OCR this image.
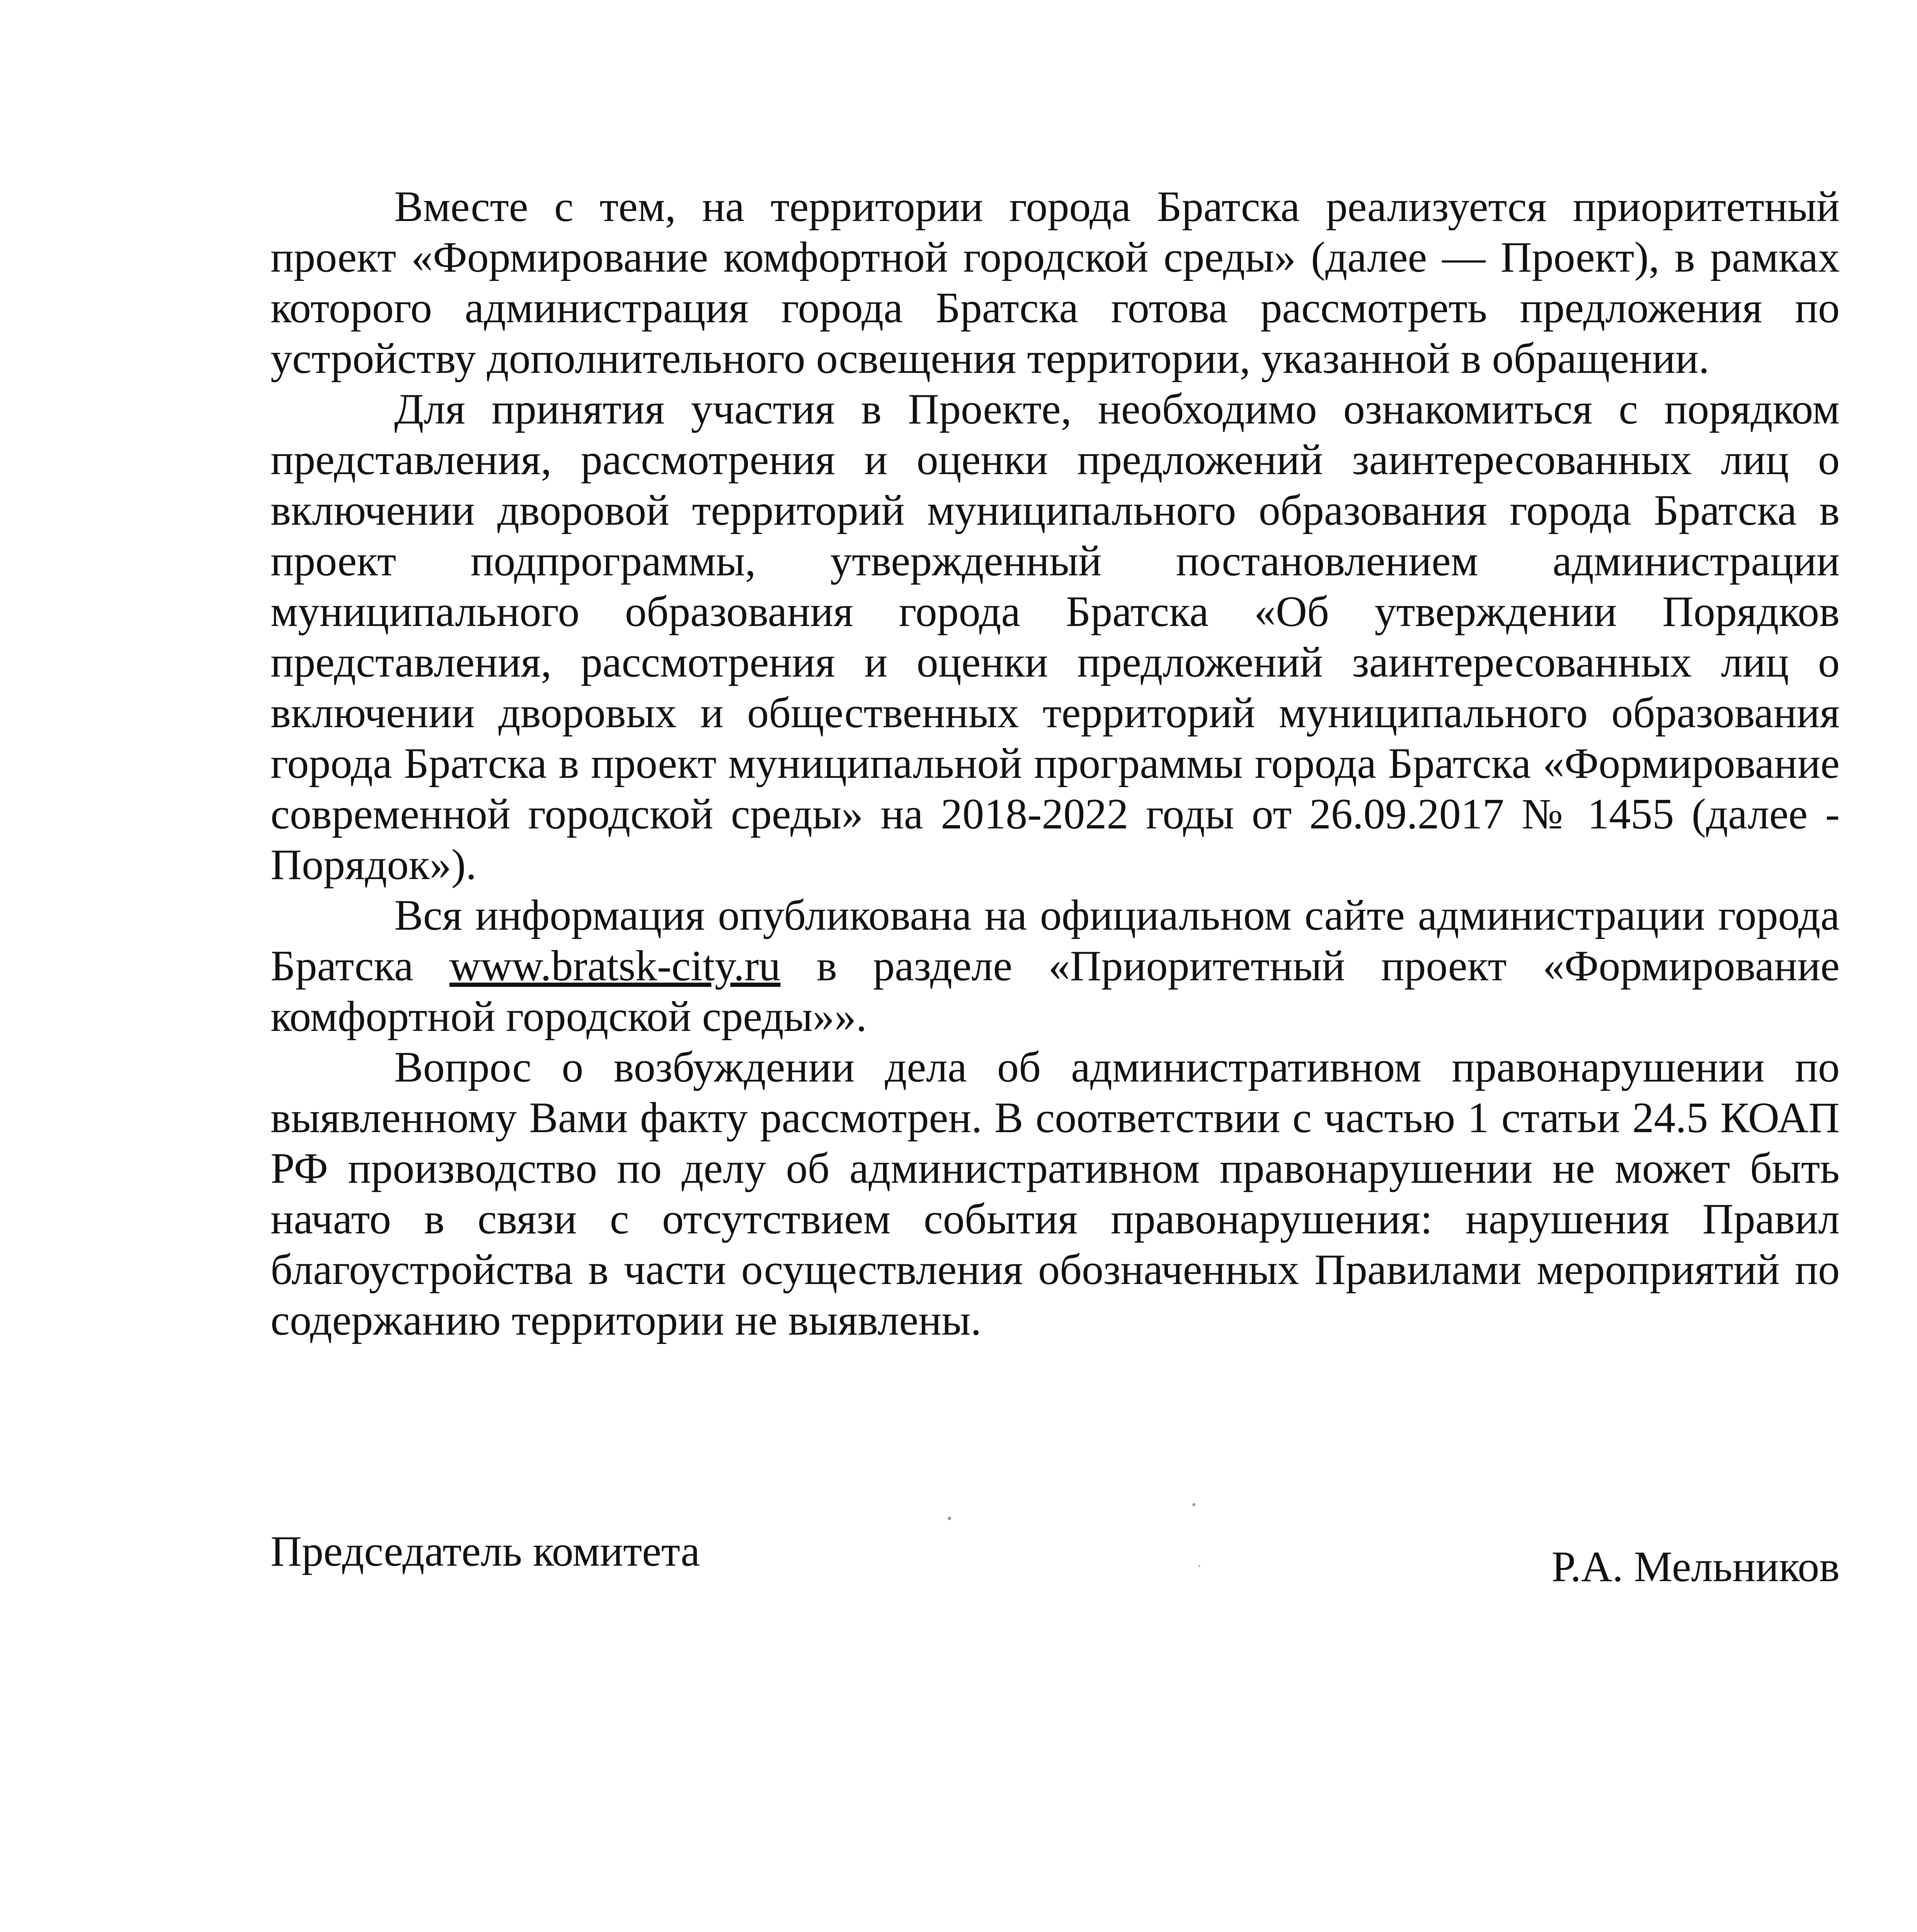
Вместе с тем, на территории города Братска реализуется приоритетный проект «Формирование комфортной городской среды» (далее — Проект), в рамках которого администрация города Братска готова рассмотреть предложения по устройству дополнительного освещения территории, указанной в обращении.

Для принятия участия в Проекте, необходимо ознакомиться с порядком представления, рассмотрения и оценки предложений заинтересованных лиц о включении дворовой территорий муниципального образования города Братска в проект подпрограммы, утвержденный постановлением администрации муниципального образования города Братска «Об утверждении Порядков представления, рассмотрения и оценки предложений заинтересованных лиц о включении дворовых и общественных территорий муниципального образования города Братска в проект муниципальной программы города Братска «Формирование современной городской среды» на 2018-2022 годы от 26.09.2017 № 1455 (далее - Порядок»).

Вся информация опубликована на официальном сайте администрации города Братска www.bratsk-city.ru в разделе «Приоритетный проект «Формирование комфортной городской среды»».

Вопрос о возбуждении дела об административном правонарушении по выявленному Вами факту рассмотрен. В соответствии с частью 1 статьи 24.5 КОАП РФ производство по делу об административном правонарушении не может быть начато в связи с отсутствием события правонарушения: нарушения Правил благоустройства в части осуществления обозначенных Правилами мероприятий по содержанию территории не выявлены.

Председатель комитета	Р.А. Мельников
